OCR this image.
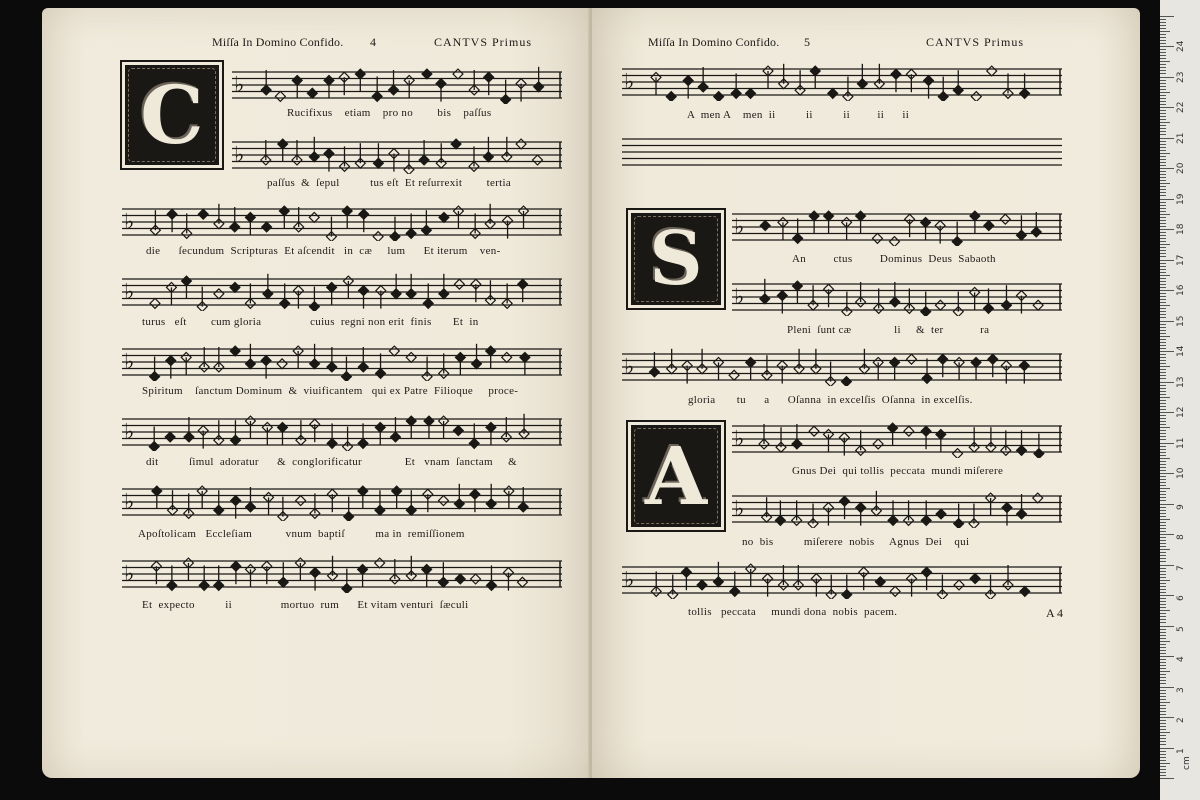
Miſſa In Domino Confido. 4	CANTVS Primus
C ♭
Rucifixus    etiam    pro no        bis    paſſus
♭
paſſus  &  ſepul          tus eſt  Et reſurrexit        tertia
♭
die      ſecundum  Scripturas  Et aſcendit   in  cæ     lum      Et iterum    ven-
♭
turus   eſt        cum gloria                cuius  regni non erit  finis       Et  in
♭
Spiritum    ſanctum Dominum  &  viuificantem   qui ex Patre  Filioque     proce-
♭
dit          ſimul  adoratur      &  conglorificatur              Et   vnam  ſanctam     &
♭
Apoſtolicam   Eccleſiam           vnum  baptiſ          ma in  remiſſionem
♭
Et  expecto          ii                mortuo  rum      Et vitam venturi  ſæculi
Miſſa In Domino Confido. 5	CANTVS Primus
♭
A  men A    men  ii          ii          ii         ii      ii
S ♭
An         ctus         Dominus  Deus  Sabaoth
♭
Pleni  ſunt cæ              li     &  ter            ra
♭
gloria       tu      a      Oſanna  in excelſis  Oſanna  in excelſis.
A ♭
Gnus Dei  qui tollis  peccata  mundi miſerere
♭
no  bis          miſerere  nobis     Agnus  Dei    qui
♭
tollis   peccata     mundi dona  nobis  pacem.	A 4
cm
24
23
22
21
20
19
18
17
16
15
14
13
12
11
10
9
8
7
6
5
4
3
2
1
